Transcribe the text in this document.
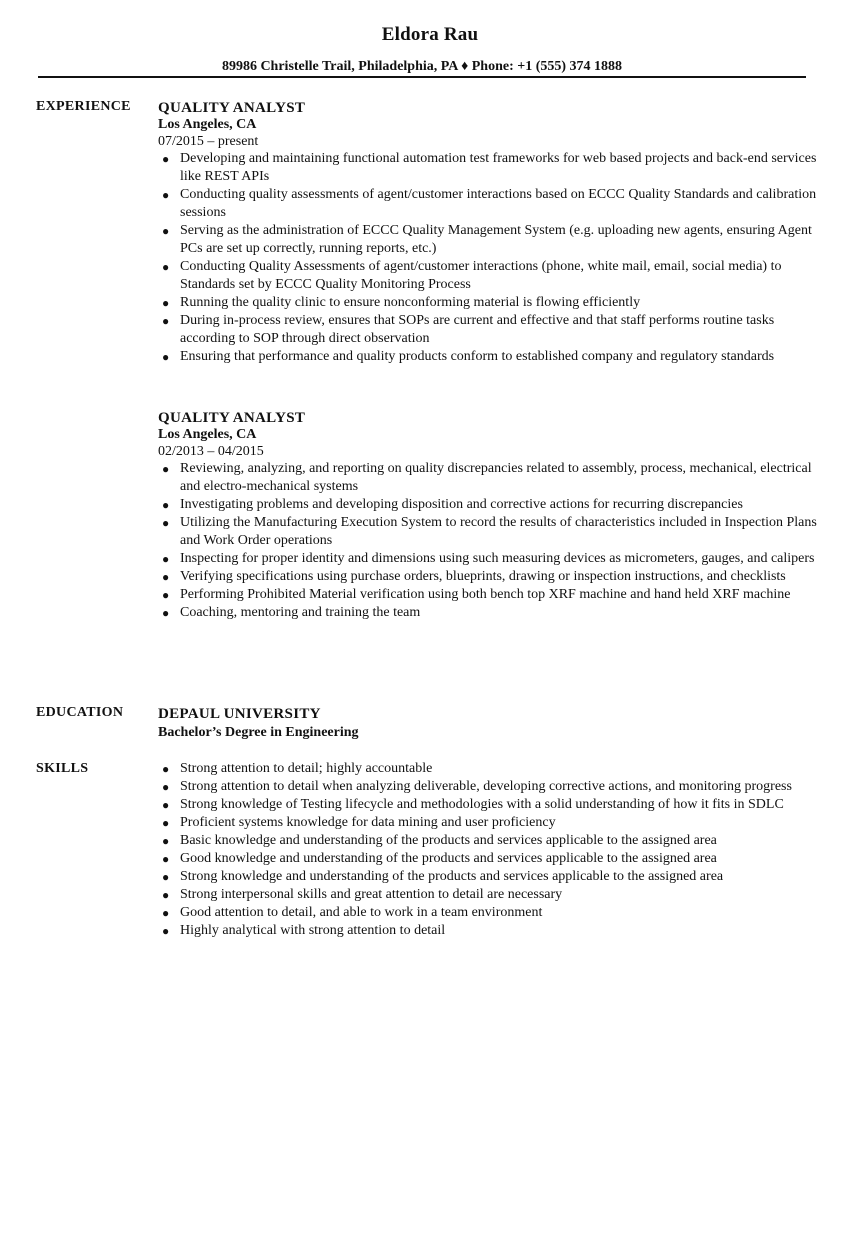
Eldora Rau
89986 Christelle Trail, Philadelphia, PA ♦ Phone: +1 (555) 374 1888
EXPERIENCE QUALITY ANALYST
Los Angeles, CA
07/2015 – present
● Developing and maintaining functional automation test frameworks for web based projects and back-end services like REST APIs
● Conducting quality assessments of agent/customer interactions based on ECCC Quality Standards and calibration sessions
● Serving as the administration of ECCC Quality Management System (e.g. uploading new agents, ensuring Agent PCs are set up correctly, running reports, etc.)
● Conducting Quality Assessments of agent/customer interactions (phone, white mail, email, social media) to Standards set by ECCC Quality Monitoring Process
● Running the quality clinic to ensure nonconforming material is flowing efficiently
● During in-process review, ensures that SOPs are current and effective and that staff performs routine tasks according to SOP through direct observation
● Ensuring that performance and quality products conform to established company and regulatory standards
QUALITY ANALYST
Los Angeles, CA
02/2013 – 04/2015
● Reviewing, analyzing, and reporting on quality discrepancies related to assembly, process, mechanical, electrical and electro-mechanical systems
● Investigating problems and developing disposition and corrective actions for recurring discrepancies
● Utilizing the Manufacturing Execution System to record the results of characteristics included in Inspection Plans and Work Order operations
● Inspecting for proper identity and dimensions using such measuring devices as micrometers, gauges, and calipers
● Verifying specifications using purchase orders, blueprints, drawing or inspection instructions, and checklists
● Performing Prohibited Material verification using both bench top XRF machine and hand held XRF machine
● Coaching, mentoring and training the team
EDUCATION DEPAUL UNIVERSITY
Bachelor’s Degree in Engineering
SKILLS	● Strong attention to detail; highly accountable
● Strong attention to detail when analyzing deliverable, developing corrective actions, and monitoring progress
● Strong knowledge of Testing lifecycle and methodologies with a solid understanding of how it fits in SDLC
● Proficient systems knowledge for data mining and user proficiency
● Basic knowledge and understanding of the products and services applicable to the assigned area
● Good knowledge and understanding of the products and services applicable to the assigned area
● Strong knowledge and understanding of the products and services applicable to the assigned area
● Strong interpersonal skills and great attention to detail are necessary
● Good attention to detail, and able to work in a team environment
● Highly analytical with strong attention to detail
